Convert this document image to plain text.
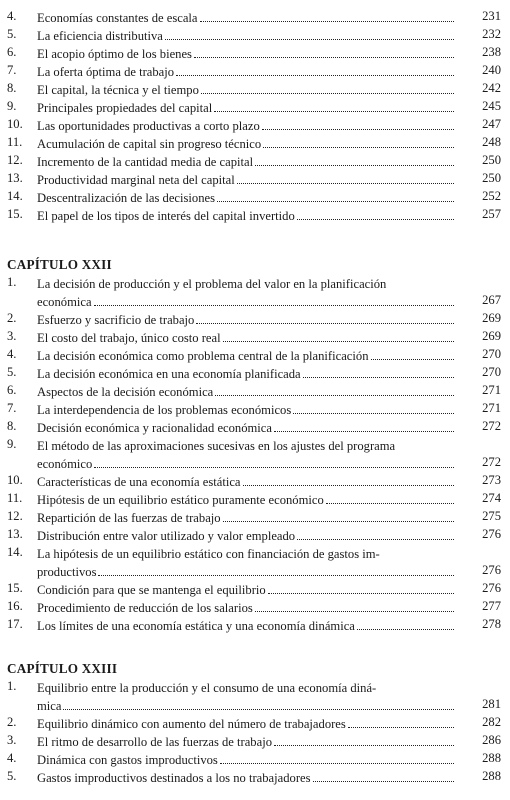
4. Economías constantes de escala	231
5. La eficiencia distributiva	232
6. El acopio óptimo de los bienes	238
7. La oferta óptima de trabajo	240
8. El capital, la técnica y el tiempo	242
9. Principales propiedades del capital	245
10. Las oportunidades productivas a corto plazo	247
11. Acumulación de capital sin progreso técnico	248
12. Incremento de la cantidad media de capital	250
13. Productividad marginal neta del capital	250
14. Descentralización de las decisiones	252
15. El papel de los tipos de interés del capital invertido	257
CAPÍTULO XXII
1. La decisión de producción y el problema del valor en la planificación
económica	267
2. Esfuerzo y sacrificio de trabajo	269
3. El costo del trabajo, único costo real	269
4. La decisión económica como problema central de la planificación	270
5. La decisión económica en una economía planificada	270
6. Aspectos de la decisión económica	271
7. La interdependencia de los problemas económicos	271
8. Decisión económica y racionalidad económica	272
9. El método de las aproximaciones sucesivas en los ajustes del programa
económico	272
10. Características de una economía estática	273
11. Hipótesis de un equilibrio estático puramente económico	274
12. Repartición de las fuerzas de trabajo	275
13. Distribución entre valor utilizado y valor empleado	276
14. La hipótesis de un equilibrio estático con financiación de gastos im-
productivos	276
15. Condición para que se mantenga el equilibrio	276
16. Procedimiento de reducción de los salarios	277
17. Los límites de una economía estática y una economía dinámica	278
CAPÍTULO XXIII
1. Equilibrio entre la producción y el consumo de una economía diná-
mica	281
2. Equilibrio dinámico con aumento del número de trabajadores	282
3. El ritmo de desarrollo de las fuerzas de trabajo	286
4. Dinámica con gastos improductivos	288
5. Gastos improductivos destinados a los no trabajadores	288
